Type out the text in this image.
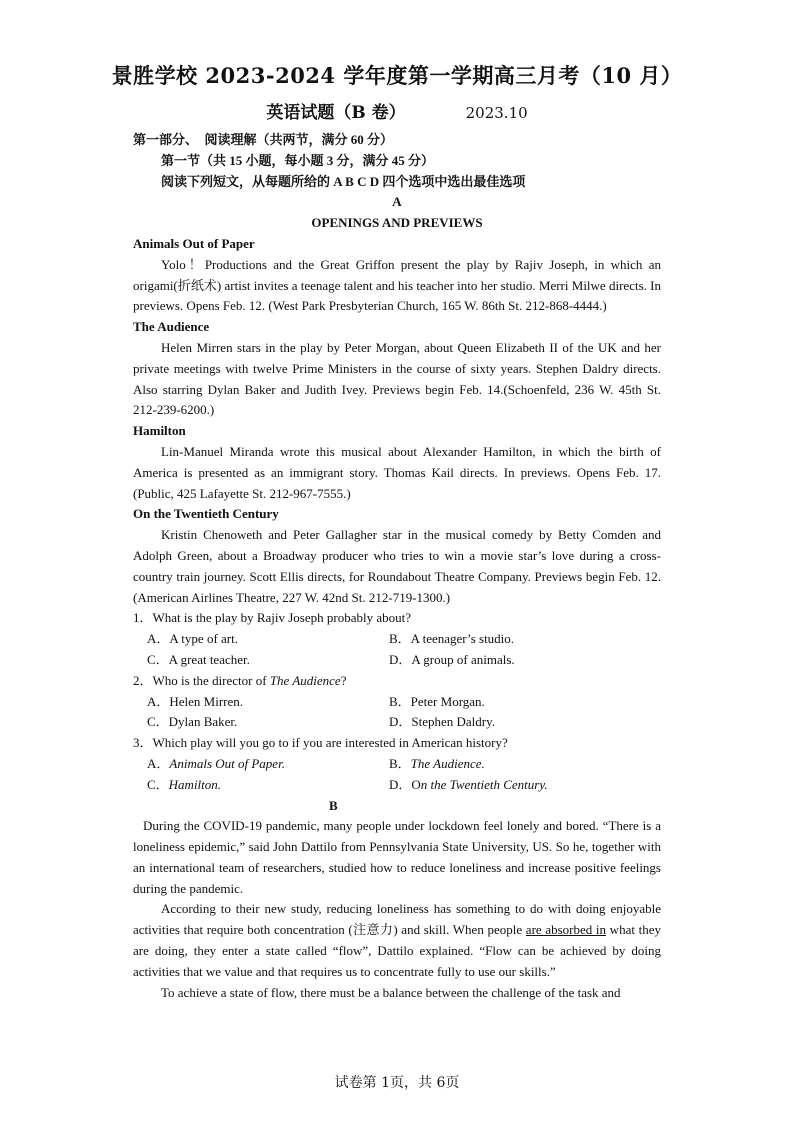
景胜学校 2023-2024 学年度第一学期高三月考（10 月）
英语试题（B 卷）	2023.10

第一部分、　阅读理解（共两节，满分 60 分）

第一节（共 15 小题，每小题 3 分，满分 45 分）

阅读下列短文，从每题所给的 A B C D 四个选项中选出最佳选项

A

OPENINGS AND PREVIEWS

Animals Out of Paper

Yolo！Productions and the Great Griffon present the play by Rajiv Joseph, in which an origami(折纸术) artist invites a teenage talent and his teacher into her studio. Merri Milwe directs. In previews. Opens Feb. 12. (West Park Presbyterian Church, 165 W. 86th St. 212-868-4444.)

The Audience

Helen Mirren stars in the play by Peter Morgan, about Queen Elizabeth II of the UK and her private meetings with twelve Prime Ministers in the course of sixty years. Stephen Daldry directs. Also starring Dylan Baker and Judith Ivey. Previews begin Feb. 14.(Schoenfeld, 236 W. 45th St. 212-239-6200.)

Hamilton

Lin-Manuel Miranda wrote this musical about Alexander Hamilton, in which the birth of America is presented as an immigrant story. Thomas Kail directs. In previews. Opens Feb. 17.(Public, 425 Lafayette St. 212-967-7555.)

On the Twentieth Century

Kristin Chenoweth and Peter Gallagher star in the musical comedy by Betty Comden and Adolph Green, about a Broadway producer who tries to win a movie star’s love during a cross-country train journey. Scott Ellis directs, for Roundabout Theatre Company. Previews begin Feb. 12.(American Airlines Theatre, 227 W. 42nd St. 212-719-1300.)

1．What is the play by Rajiv Joseph probably about?

A．A type of art.	B．A teenager’s studio.
C．A great teacher.	D．A group of animals.

2．Who is the director of The Audience?

A．Helen Mirren.	B．Peter Morgan.
C．Dylan Baker.	D．Stephen Daldry.

3．Which play will you go to if you are interested in American history?

A．Animals Out of Paper.	B．The Audience.
C．Hamilton.	D．On the Twentieth Century.

B

During the COVID-19 pandemic, many people under lockdown feel lonely and bored. “There is a loneliness epidemic,” said John Dattilo from Pennsylvania State University, US. So he, together with an international team of researchers, studied how to reduce loneliness and increase positive feelings during the pandemic.

According to their new study, reducing loneliness has something to do with doing enjoyable activities that require both concentration (注意力) and skill. When people are absorbed in what they are doing, they enter a state called “flow”, Dattilo explained. “Flow can be achieved by doing activities that we value and that requires us to concentrate fully to use our skills.”

To achieve a state of flow, there must be a balance between the challenge of the task and

试卷第 1页，共 6页
